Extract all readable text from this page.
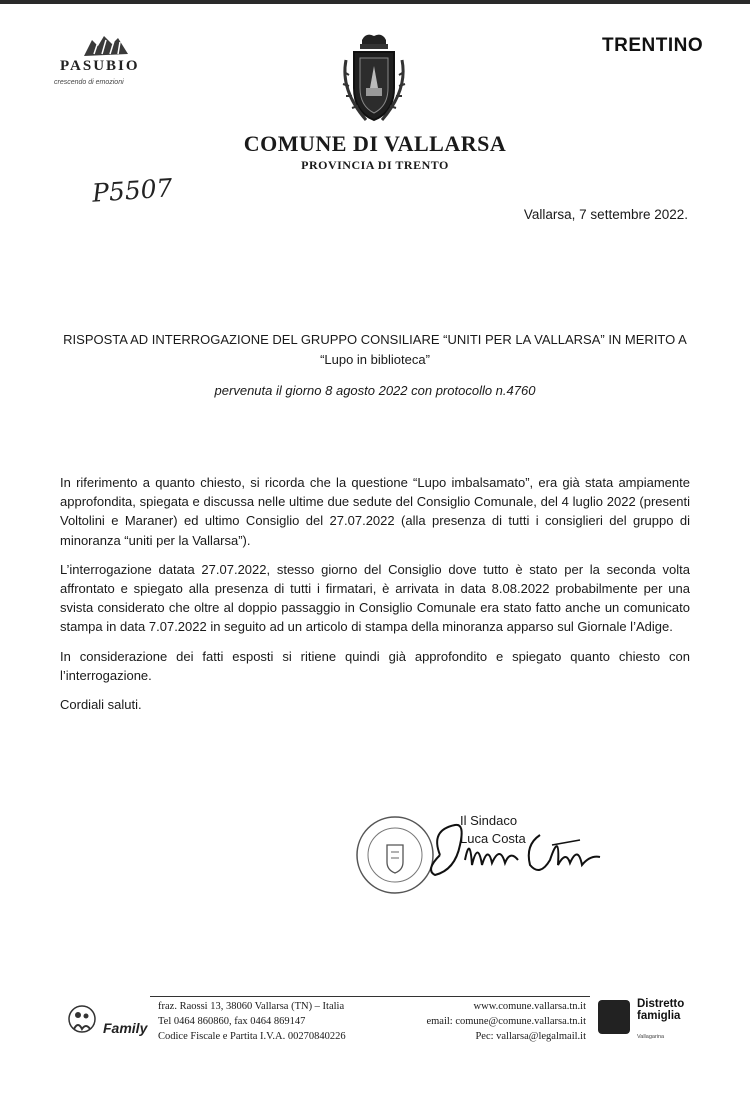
PASUBIO
crescendo di emozioni
TRENTINO
COMUNE DI VALLARSA
PROVINCIA DI TRENTO
P5507
Vallarsa, 7 settembre 2022.
RISPOSTA AD INTERROGAZIONE DEL GRUPPO CONSILIARE “UNITI PER LA VALLARSA” IN MERITO A
“Lupo in biblioteca”
pervenuta il giorno 8 agosto 2022 con protocollo n.4760

In riferimento a quanto chiesto, si ricorda che la questione “Lupo imbalsamato”, era già stata ampiamente approfondita, spiegata e discussa nelle ultime due sedute del Consiglio Comunale, del 4 luglio 2022 (presenti Voltolini e Maraner) ed ultimo Consiglio del 27.07.2022 (alla presenza di tutti i consiglieri del gruppo di minoranza “uniti per la Vallarsa”).

L’interrogazione datata 27.07.2022, stesso giorno del Consiglio dove tutto è stato per la seconda volta affrontato e spiegato alla presenza di tutti i firmatari, è arrivata in data 8.08.2022 probabilmente per una svista considerato che oltre al doppio passaggio in Consiglio Comunale era stato fatto anche un comunicato stampa in data 7.07.2022 in seguito ad un articolo di stampa della minoranza apparso sul Giornale l’Adige.

In considerazione dei fatti esposti si ritiene quindi già approfondito e spiegato quanto chiesto con l’interrogazione.

Cordiali saluti.

Il Sindaco
Luca Costa
Family
fraz. Raossi 13, 38060 Vallarsa (TN) – Italia
Tel 0464 860860, fax 0464 869147
Codice Fiscale e Partita I.V.A. 00270840226
www.comune.vallarsa.tn.it
email: comune@comune.vallarsa.tn.it
Pec: vallarsa@legalmail.it
Distretto
famiglia
Vallagarina
